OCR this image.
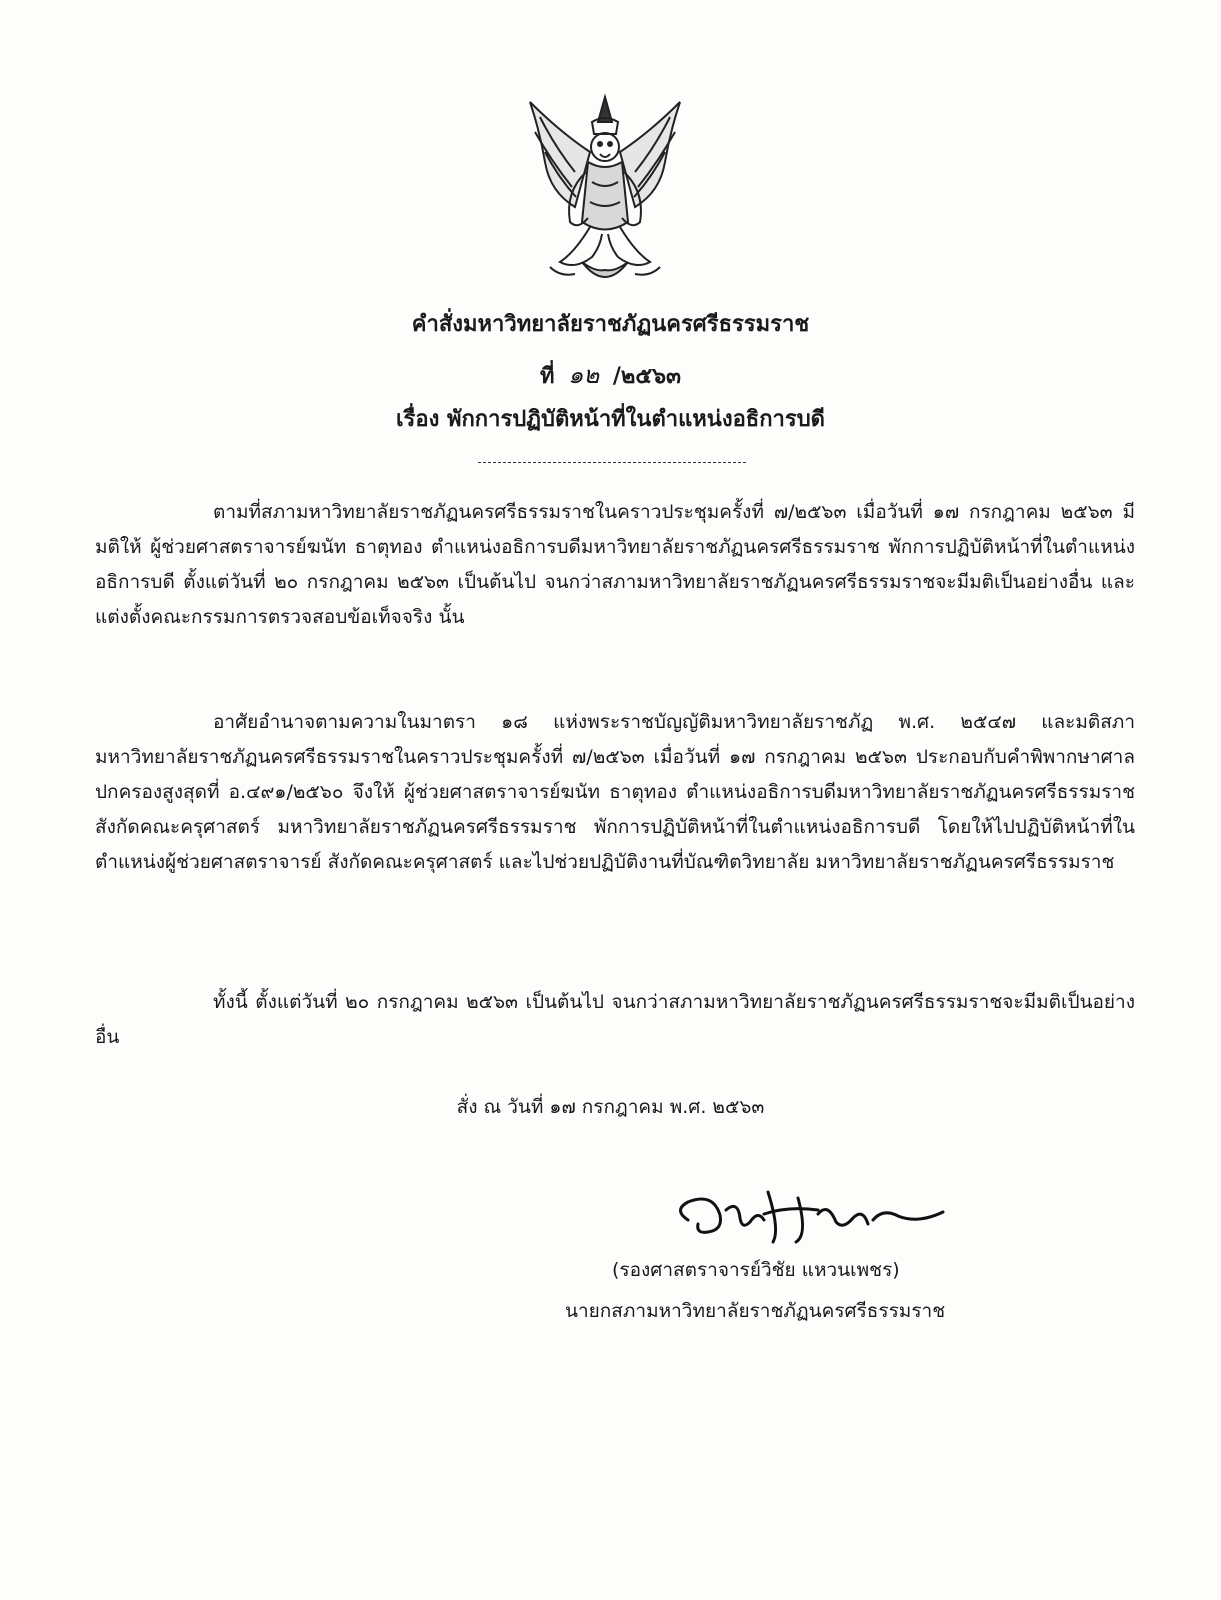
คำสั่งมหาวิทยาลัยราชภัฏนครศรีธรรมราช
ที่ ๑๒ /๒๕๖๓
เรื่อง พักการปฏิบัติหน้าที่ในตำแหน่งอธิการบดี
ตามที่สภามหาวิทยาลัยราชภัฏนครศรีธรรมราชในคราวประชุมครั้งที่ ๗/๒๕๖๓ เมื่อวันที่ ๑๗ กรกฎาคม ๒๕๖๓ มีมติให้ ผู้ช่วยศาสตราจารย์ฆนัท ธาตุทอง ตำแหน่งอธิการบดีมหาวิทยาลัยราชภัฏนครศรีธรรมราช พักการปฏิบัติหน้าที่ในตำแหน่งอธิการบดี ตั้งแต่วันที่ ๒๐ กรกฎาคม ๒๕๖๓ เป็นต้นไป จนกว่าสภามหาวิทยาลัยราชภัฏนครศรีธรรมราชจะมีมติเป็นอย่างอื่น และแต่งตั้งคณะกรรมการตรวจสอบข้อเท็จจริง นั้น
อาศัยอำนาจตามความในมาตรา ๑๘ แห่งพระราชบัญญัติมหาวิทยาลัยราชภัฏ พ.ศ. ๒๕๔๗ และมติสภามหาวิทยาลัยราชภัฏนครศรีธรรมราชในคราวประชุมครั้งที่ ๗/๒๕๖๓ เมื่อวันที่ ๑๗ กรกฎาคม ๒๕๖๓ ประกอบกับคำพิพากษาศาลปกครองสูงสุดที่ อ.๔๙๑/๒๕๖๐ จึงให้ ผู้ช่วยศาสตราจารย์ฆนัท ธาตุทอง ตำแหน่งอธิการบดีมหาวิทยาลัยราชภัฏนครศรีธรรมราช สังกัดคณะครุศาสตร์ มหาวิทยาลัยราชภัฏนครศรีธรรมราช พักการปฏิบัติหน้าที่ในตำแหน่งอธิการบดี โดยให้ไปปฏิบัติหน้าที่ในตำแหน่งผู้ช่วยศาสตราจารย์ สังกัดคณะครุศาสตร์ และไปช่วยปฏิบัติงานที่บัณฑิตวิทยาลัย มหาวิทยาลัยราชภัฏนครศรีธรรมราช
ทั้งนี้ ตั้งแต่วันที่ ๒๐ กรกฎาคม ๒๕๖๓ เป็นต้นไป จนกว่าสภามหาวิทยาลัยราชภัฏนครศรีธรรมราชจะมีมติเป็นอย่างอื่น
สั่ง ณ วันที่ ๑๗ กรกฎาคม พ.ศ. ๒๕๖๓
(รองศาสตราจารย์วิชัย แหวนเพชร)
นายกสภามหาวิทยาลัยราชภัฏนครศรีธรรมราช
